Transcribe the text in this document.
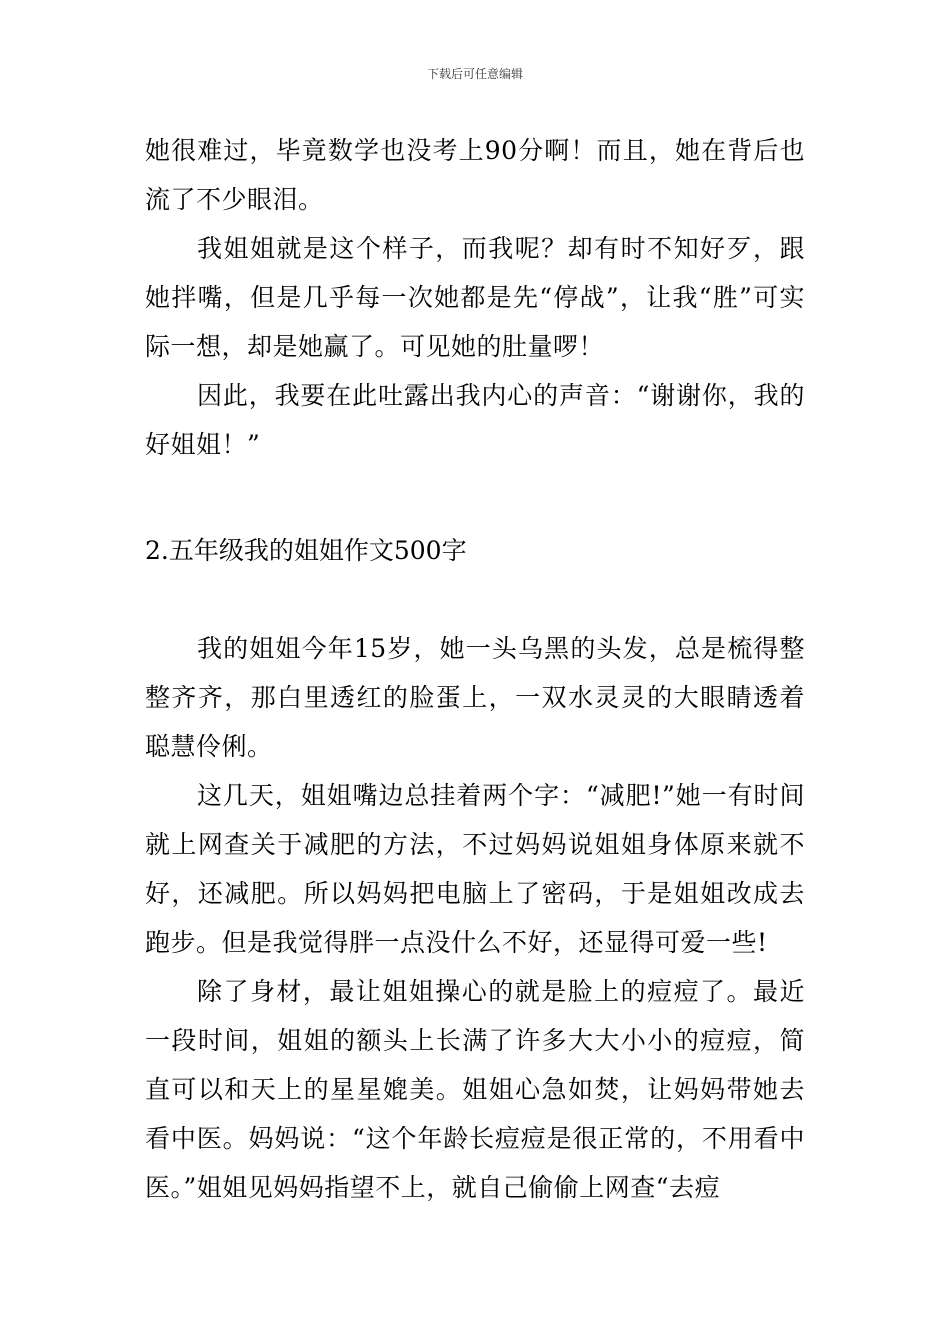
下载后可任意编辑

她很难过，毕竟数学也没考上90分啊！而且，她在背后也流了不少眼泪。

我姐姐就是这个样子，而我呢？却有时不知好歹，跟她拌嘴，但是几乎每一次她都是先“停战”，让我“胜”可实际一想，却是她赢了。可见她的肚量啰！

因此，我要在此吐露出我内心的声音：“谢谢你，我的好姐姐！”

2.五年级我的姐姐作文500字

我的姐姐今年15岁，她一头乌黑的头发，总是梳得整整齐齐，那白里透红的脸蛋上，一双水灵灵的大眼睛透着聪慧伶俐。

这几天，姐姐嘴边总挂着两个字：“减肥!”她一有时间就上网查关于减肥的方法，不过妈妈说姐姐身体原来就不好，还减肥。所以妈妈把电脑上了密码，于是姐姐改成去跑步。但是我觉得胖一点没什么不好，还显得可爱一些!

除了身材，最让姐姐操心的就是脸上的痘痘了。最近一段时间，姐姐的额头上长满了许多大大小小的痘痘，简直可以和天上的星星媲美。姐姐心急如焚，让妈妈带她去看中医。妈妈说：“这个年龄长痘痘是很正常的，不用看中医。”姐姐见妈妈指望不上，就自己偷偷上网查“去痘
